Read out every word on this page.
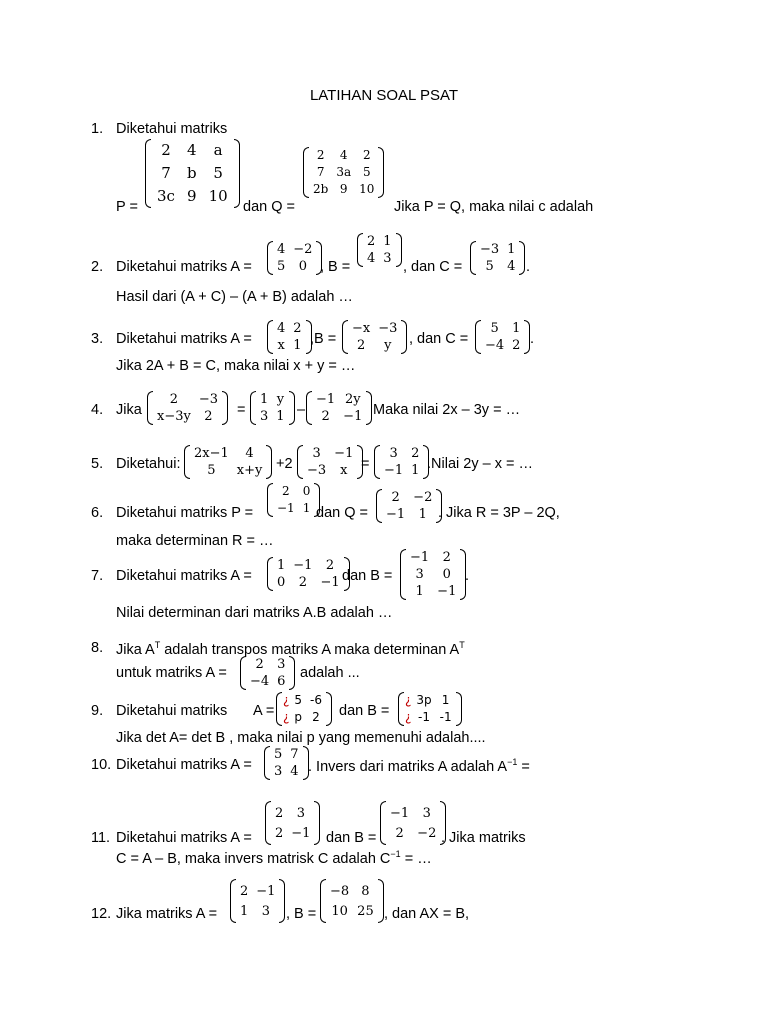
LATIHAN SOAL PSAT
1. Diketahui matriks
P =
2	4	a
7	b	5
3c	9	10
dan Q =
2	4	2
7	3a	5
2b	9	10
Jika P = Q, maka nilai c adalah
2. Diketahui matriks A =
4	−2
5	0 , B =
2	1
4	3
, dan C =
−3	1
5	4 .
Hasil dari (A + C) – (A + B) adalah …
3. Diketahui matriks A =
4	2
x	1 ,B =
−x	−3
2	y , dan C =
5	1
−4	2 .
Jika 2A + B = C, maka nilai x + y = …
4. Jika
2	−3
x−3y	2 =
1	y
3	1 –
−1	2y
2	−1 Maka nilai 2x – 3y = …
5. Diketahui:
2x−1	4
5	x+y +2
3	−1
−3	x =
3	2
−1	1 .Nilai 2y – x = …
6. Diketahui matriks P =
2	0
−1	1 dan Q =
2	−2
−1	1 . Jika R = 3P – 2Q,
maka determinan R = …
7. Diketahui matriks A =
1	−1	2
0	2	−1 dan B =
−1	2
3	0
1	−1
.
Nilai determinan dari matriks A.B adalah …
8. Jika $A^T$ adalah transpos matriks A maka determinan $A^T$
untuk matriks A =
2	3
−4	6
adalah ...
9. Diketahui matriks A =
¿	5	-6
¿	p	2 dan B =
¿	3p	1
¿	-1	-1
Jika det A= det B , maka nilai p yang memenuhi adalah....
10. Diketahui matriks A =
5	7
3	4 . Invers dari matriks A adalah $A^{-1}$ =
11. Diketahui matriks A =
2	3
2	−1 dan B =
−1	3
2	−2 . Jika matriks
C = A – B, maka invers matrisk C adalah $C^{-1}$ = …
12. Jika matriks A =
2	−1
1	3 , B =
−8	8
10	25 , dan AX = B,
